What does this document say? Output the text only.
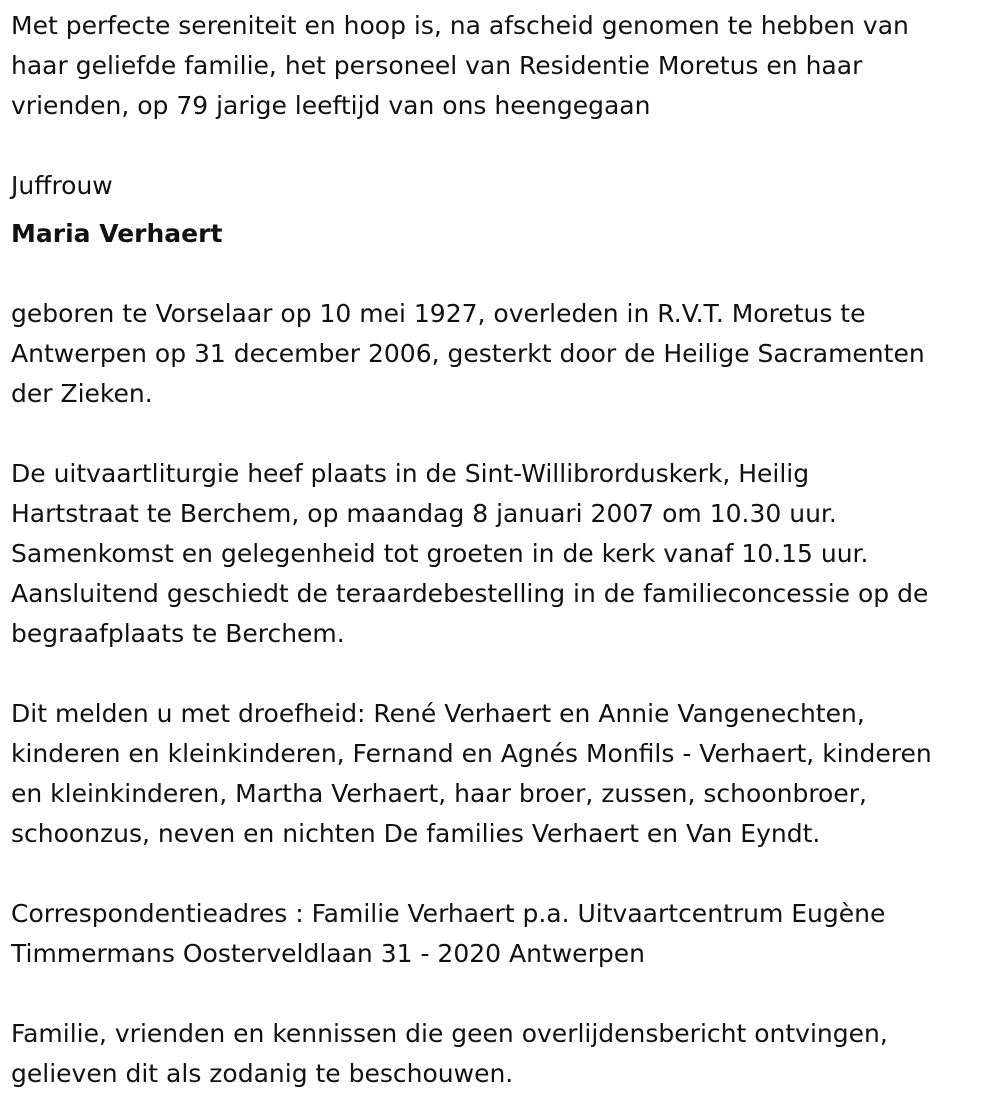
Met perfecte sereniteit en hoop is, na afscheid genomen te hebben van
haar geliefde familie, het personeel van Residentie Moretus en haar
vrienden, op 79 jarige leeftijd van ons heengegaan

Juffrouw

Maria Verhaert

geboren te Vorselaar op 10 mei 1927, overleden in R.V.T. Moretus te
Antwerpen op 31 december 2006, gesterkt door de Heilige Sacramenten
der Zieken.

De uitvaartliturgie heef plaats in de Sint-Willibrorduskerk, Heilig
Hartstraat te Berchem, op maandag 8 januari 2007 om 10.30 uur.
Samenkomst en gelegenheid tot groeten in de kerk vanaf 10.15 uur.
Aansluitend geschiedt de teraardebestelling in de familieconcessie op de
begraafplaats te Berchem.

Dit melden u met droefheid: René Verhaert en Annie Vangenechten,
kinderen en kleinkinderen, Fernand en Agnés Monfils - Verhaert, kinderen
en kleinkinderen, Martha Verhaert, haar broer, zussen, schoonbroer,
schoonzus, neven en nichten De families Verhaert en Van Eyndt.

Correspondentieadres : Familie Verhaert p.a. Uitvaartcentrum Eugène
Timmermans Oosterveldlaan 31 - 2020 Antwerpen

Familie, vrienden en kennissen die geen overlijdensbericht ontvingen,
gelieven dit als zodanig te beschouwen.
